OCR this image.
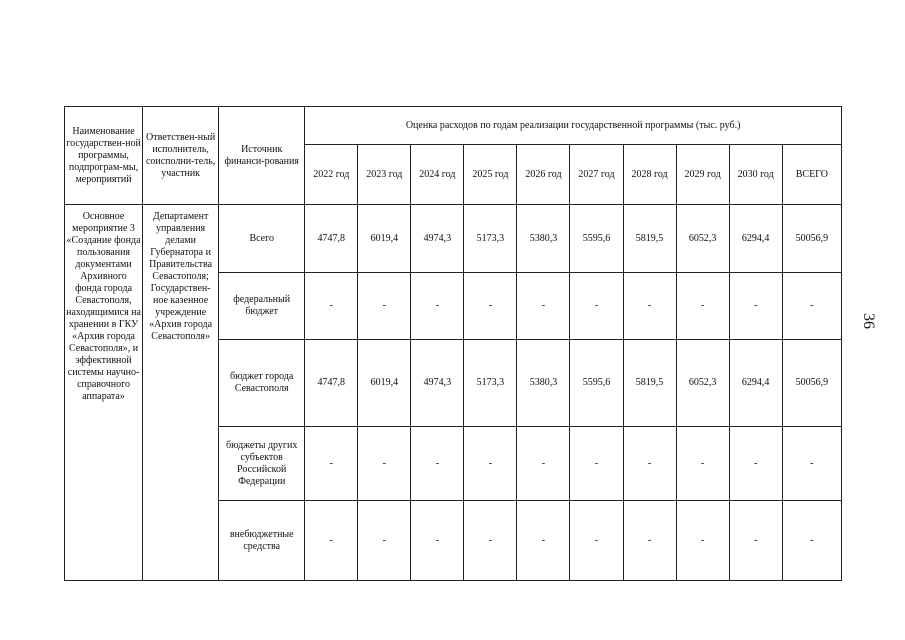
Наименование государствен-ной программы, подпрограм-мы, мероприятий	Ответствен-ный исполнитель, соисполни-тель, участник	Источник финанси-рования	Оценка расходов по годам реализации государственной программы (тыс. руб.)									
			2022 год	2023 год	2024 год	2025 год	2026 год	2027 год	2028 год	2029 год	2030 год	ВСЕГО
Основное мероприятие 3 «Создание фонда пользования документами Архивного фонда города Севастополя, находящимися на хранении в ГКУ «Архив города Севастополя», и эффективной системы научно-справочного аппарата»	Департамент управления делами Губернатора и Правительства Севастополя; Государствен-ное казенное учреждение «Архив города Севастополя»	Всего	4747,8	6019,4	4974,3	5173,3	5380,3	5595,6	5819,5	6052,3	6294,4	50056,9
		федеральный бюджет	-	-	-	-	-	-	-	-	-	-
		бюджет города Севастополя	4747,8	6019,4	4974,3	5173,3	5380,3	5595,6	5819,5	6052,3	6294,4	50056,9
		бюджеты других субъектов Российской Федерации	-	-	-	-	-	-	-	-	-	-
		внебюджетные средства	-	-	-	-	-	-	-	-	-	-
36
